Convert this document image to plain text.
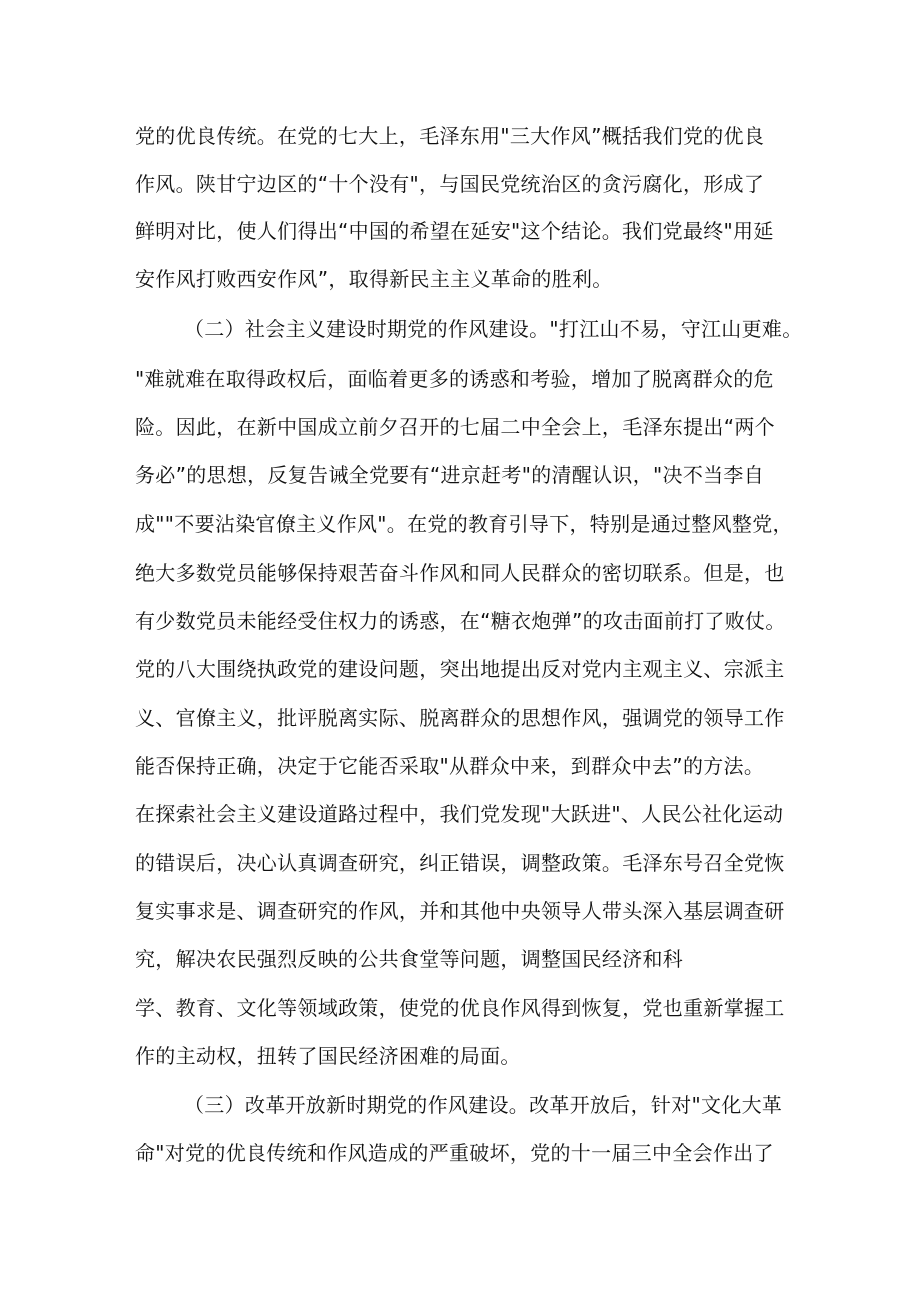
党的优良传统。在党的七大上，毛泽东用"三大作风”概括我们党的优良
作风。陕甘宁边区的“十个没有"，与国民党统治区的贪污腐化，形成了
鲜明对比，使人们得出“中国的希望在延安"这个结论。我们党最终"用延
安作风打败西安作风”，取得新民主主义革命的胜利。
（二）社会主义建设时期党的作风建设。"打江山不易，守江山更难。
"难就难在取得政权后，面临着更多的诱惑和考验，增加了脱离群众的危
险。因此，在新中国成立前夕召开的七届二中全会上，毛泽东提出“两个
务必”的思想，反复告诫全党要有“进京赶考"的清醒认识，"决不当李自
成""不要沾染官僚主义作风"。在党的教育引导下，特别是通过整风整党，
绝大多数党员能够保持艰苦奋斗作风和同人民群众的密切联系。但是，也
有少数党员未能经受住权力的诱惑，在“糖衣炮弹”的攻击面前打了败仗。
党的八大围绕执政党的建设问题，突出地提出反对党内主观主义、宗派主
义、官僚主义，批评脱离实际、脱离群众的思想作风，强调党的领导工作
能否保持正确，决定于它能否采取"从群众中来，到群众中去”的方法。
在探索社会主义建设道路过程中，我们党发现"大跃进"、人民公社化运动
的错误后，决心认真调查研究，纠正错误，调整政策。毛泽东号召全党恢
复实事求是、调查研究的作风，并和其他中央领导人带头深入基层调查研
究，解决农民强烈反映的公共食堂等问题，调整国民经济和科
学、教育、文化等领域政策，使党的优良作风得到恢复，党也重新掌握工
作的主动权，扭转了国民经济困难的局面。
（三）改革开放新时期党的作风建设。改革开放后，针对"文化大革
命"对党的优良传统和作风造成的严重破坏，党的十一届三中全会作出了
